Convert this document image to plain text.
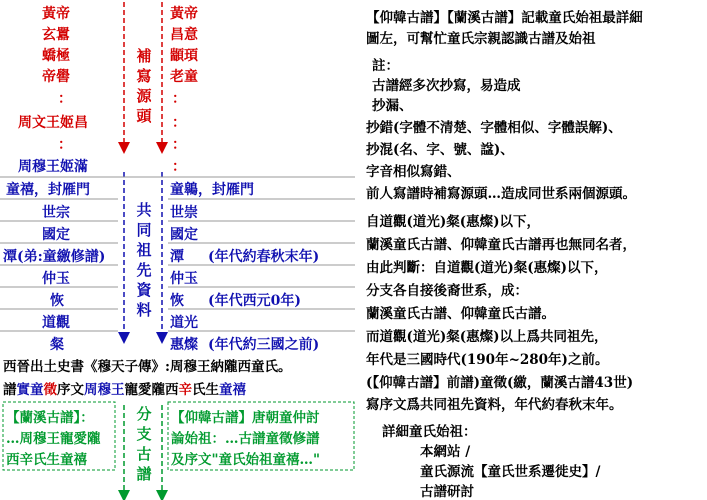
黃帝
玄囂
蟜極
帝嚳
：
周文王姬昌
：
周穆王姬滿
童禧，封雁門
世宗
國定
潭(弟:童繳修譜)
仲玉
恢
道觀
粲
黃帝
昌意
顓頊
老童
：
：
：
：
童鷎，封雁門
世崇
國定
潭 (年代約春秋末年)
仲玉
恢 (年代西元0年)
道光
惠燦 (年代約三國之前)
補寫源頭
共同祖先資料
分支古譜
西晉出土史書《穆天子傳》:周穆王納隴西童氏。
譜實童徵序文周穆王寵愛隴西辛氏生童禧
【蘭溪古譜】：
…周穆王寵愛隴
西辛氏生童禧
【仰韓古譜】唐朝童仲討
論始祖：…古譜童徵修譜
及序文"童氏始祖童禧…"
【仰韓古譜】【蘭溪古譜】記載童氏始祖最詳細
圖左，可幫忙童氏宗親認識古譜及始祖
註：
古譜經多次抄寫，易造成
抄漏、
抄錯(字體不清楚、字體相似、字體誤解)、
抄混(名、字、號、諡)、
字音相似寫錯、
前人寫譜時補寫源頭…造成同世系兩個源頭。
自道觀(道光)粲(惠燦)以下，
蘭溪童氏古譜、仰韓童氏古譜再也無同名者，
由此判斷：自道觀(道光)粲(惠燦)以下，
分支各自接後裔世系，成：
蘭溪童氏古譜、仰韓童氏古譜。
而道觀(道光)粲(惠燦)以上爲共同祖先，
年代是三國時代(190年~280年)之前。
(【仰韓古譜】前譜)童徵(繳，蘭溪古譜43世)
寫序文爲共同祖先資料，年代約春秋末年。
詳細童氏始祖：
本網站 /
童氏源流【童氏世系遷徙史】/
古譜研討
